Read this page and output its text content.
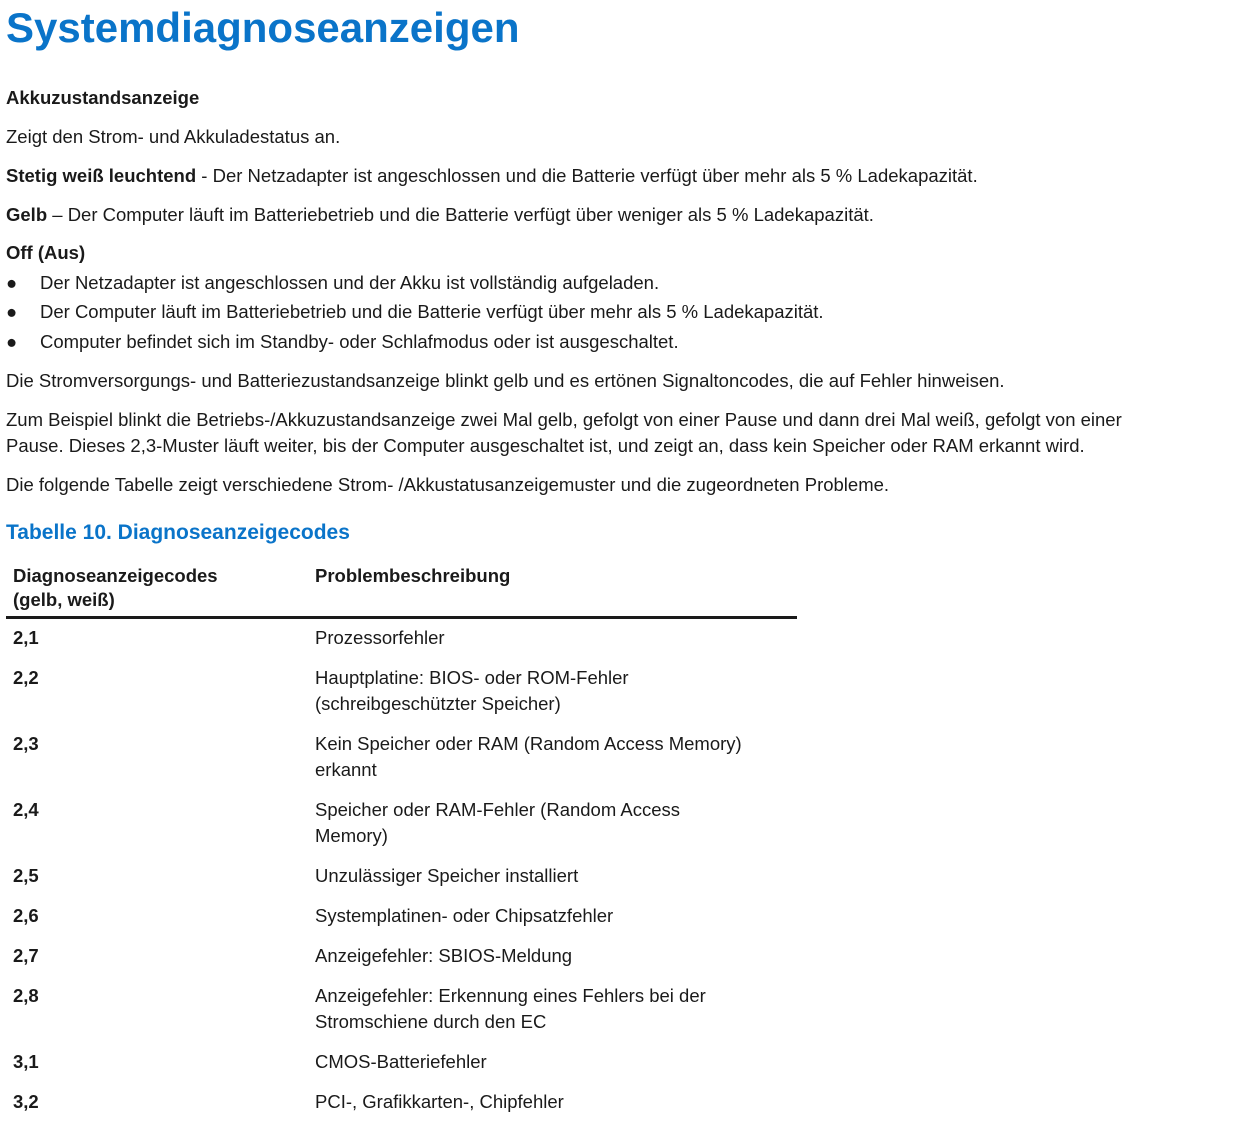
Systemdiagnoseanzeigen

Akkuzustandsanzeige

Zeigt den Strom- und Akkuladestatus an.

Stetig weiß leuchtend - Der Netzadapter ist angeschlossen und die Batterie verfügt über mehr als 5 % Ladekapazität.

Gelb – Der Computer läuft im Batteriebetrieb und die Batterie verfügt über weniger als 5 % Ladekapazität.

Off (Aus)

● Der Netzadapter ist angeschlossen und der Akku ist vollständig aufgeladen.

● Der Computer läuft im Batteriebetrieb und die Batterie verfügt über mehr als 5 % Ladekapazität.

● Computer befindet sich im Standby- oder Schlafmodus oder ist ausgeschaltet.

Die Stromversorgungs- und Batteriezustandsanzeige blinkt gelb und es ertönen Signaltoncodes, die auf Fehler hinweisen.

Zum Beispiel blinkt die Betriebs-/Akkuzustandsanzeige zwei Mal gelb, gefolgt von einer Pause und dann drei Mal weiß, gefolgt von einer

Pause. Dieses 2,3-Muster läuft weiter, bis der Computer ausgeschaltet ist, und zeigt an, dass kein Speicher oder RAM erkannt wird.

Die folgende Tabelle zeigt verschiedene Strom- /Akkustatusanzeigemuster und die zugeordneten Probleme.

Tabelle 10. Diagnoseanzeigecodes

Diagnoseanzeigecodes
(gelb, weiß)	Problembeschreibung
2,1	Prozessorfehler
2,2	Hauptplatine: BIOS- oder ROM-Fehler
(schreibgeschützter Speicher)
2,3	Kein Speicher oder RAM (Random Access Memory)
erkannt
2,4	Speicher oder RAM-Fehler (Random Access
Memory)
2,5	Unzulässiger Speicher installiert
2,6	Systemplatinen- oder Chipsatzfehler
2,7	Anzeigefehler: SBIOS-Meldung
2,8	Anzeigefehler: Erkennung eines Fehlers bei der
Stromschiene durch den EC
3,1	CMOS-Batteriefehler
3,2	PCI-, Grafikkarten-, Chipfehler
